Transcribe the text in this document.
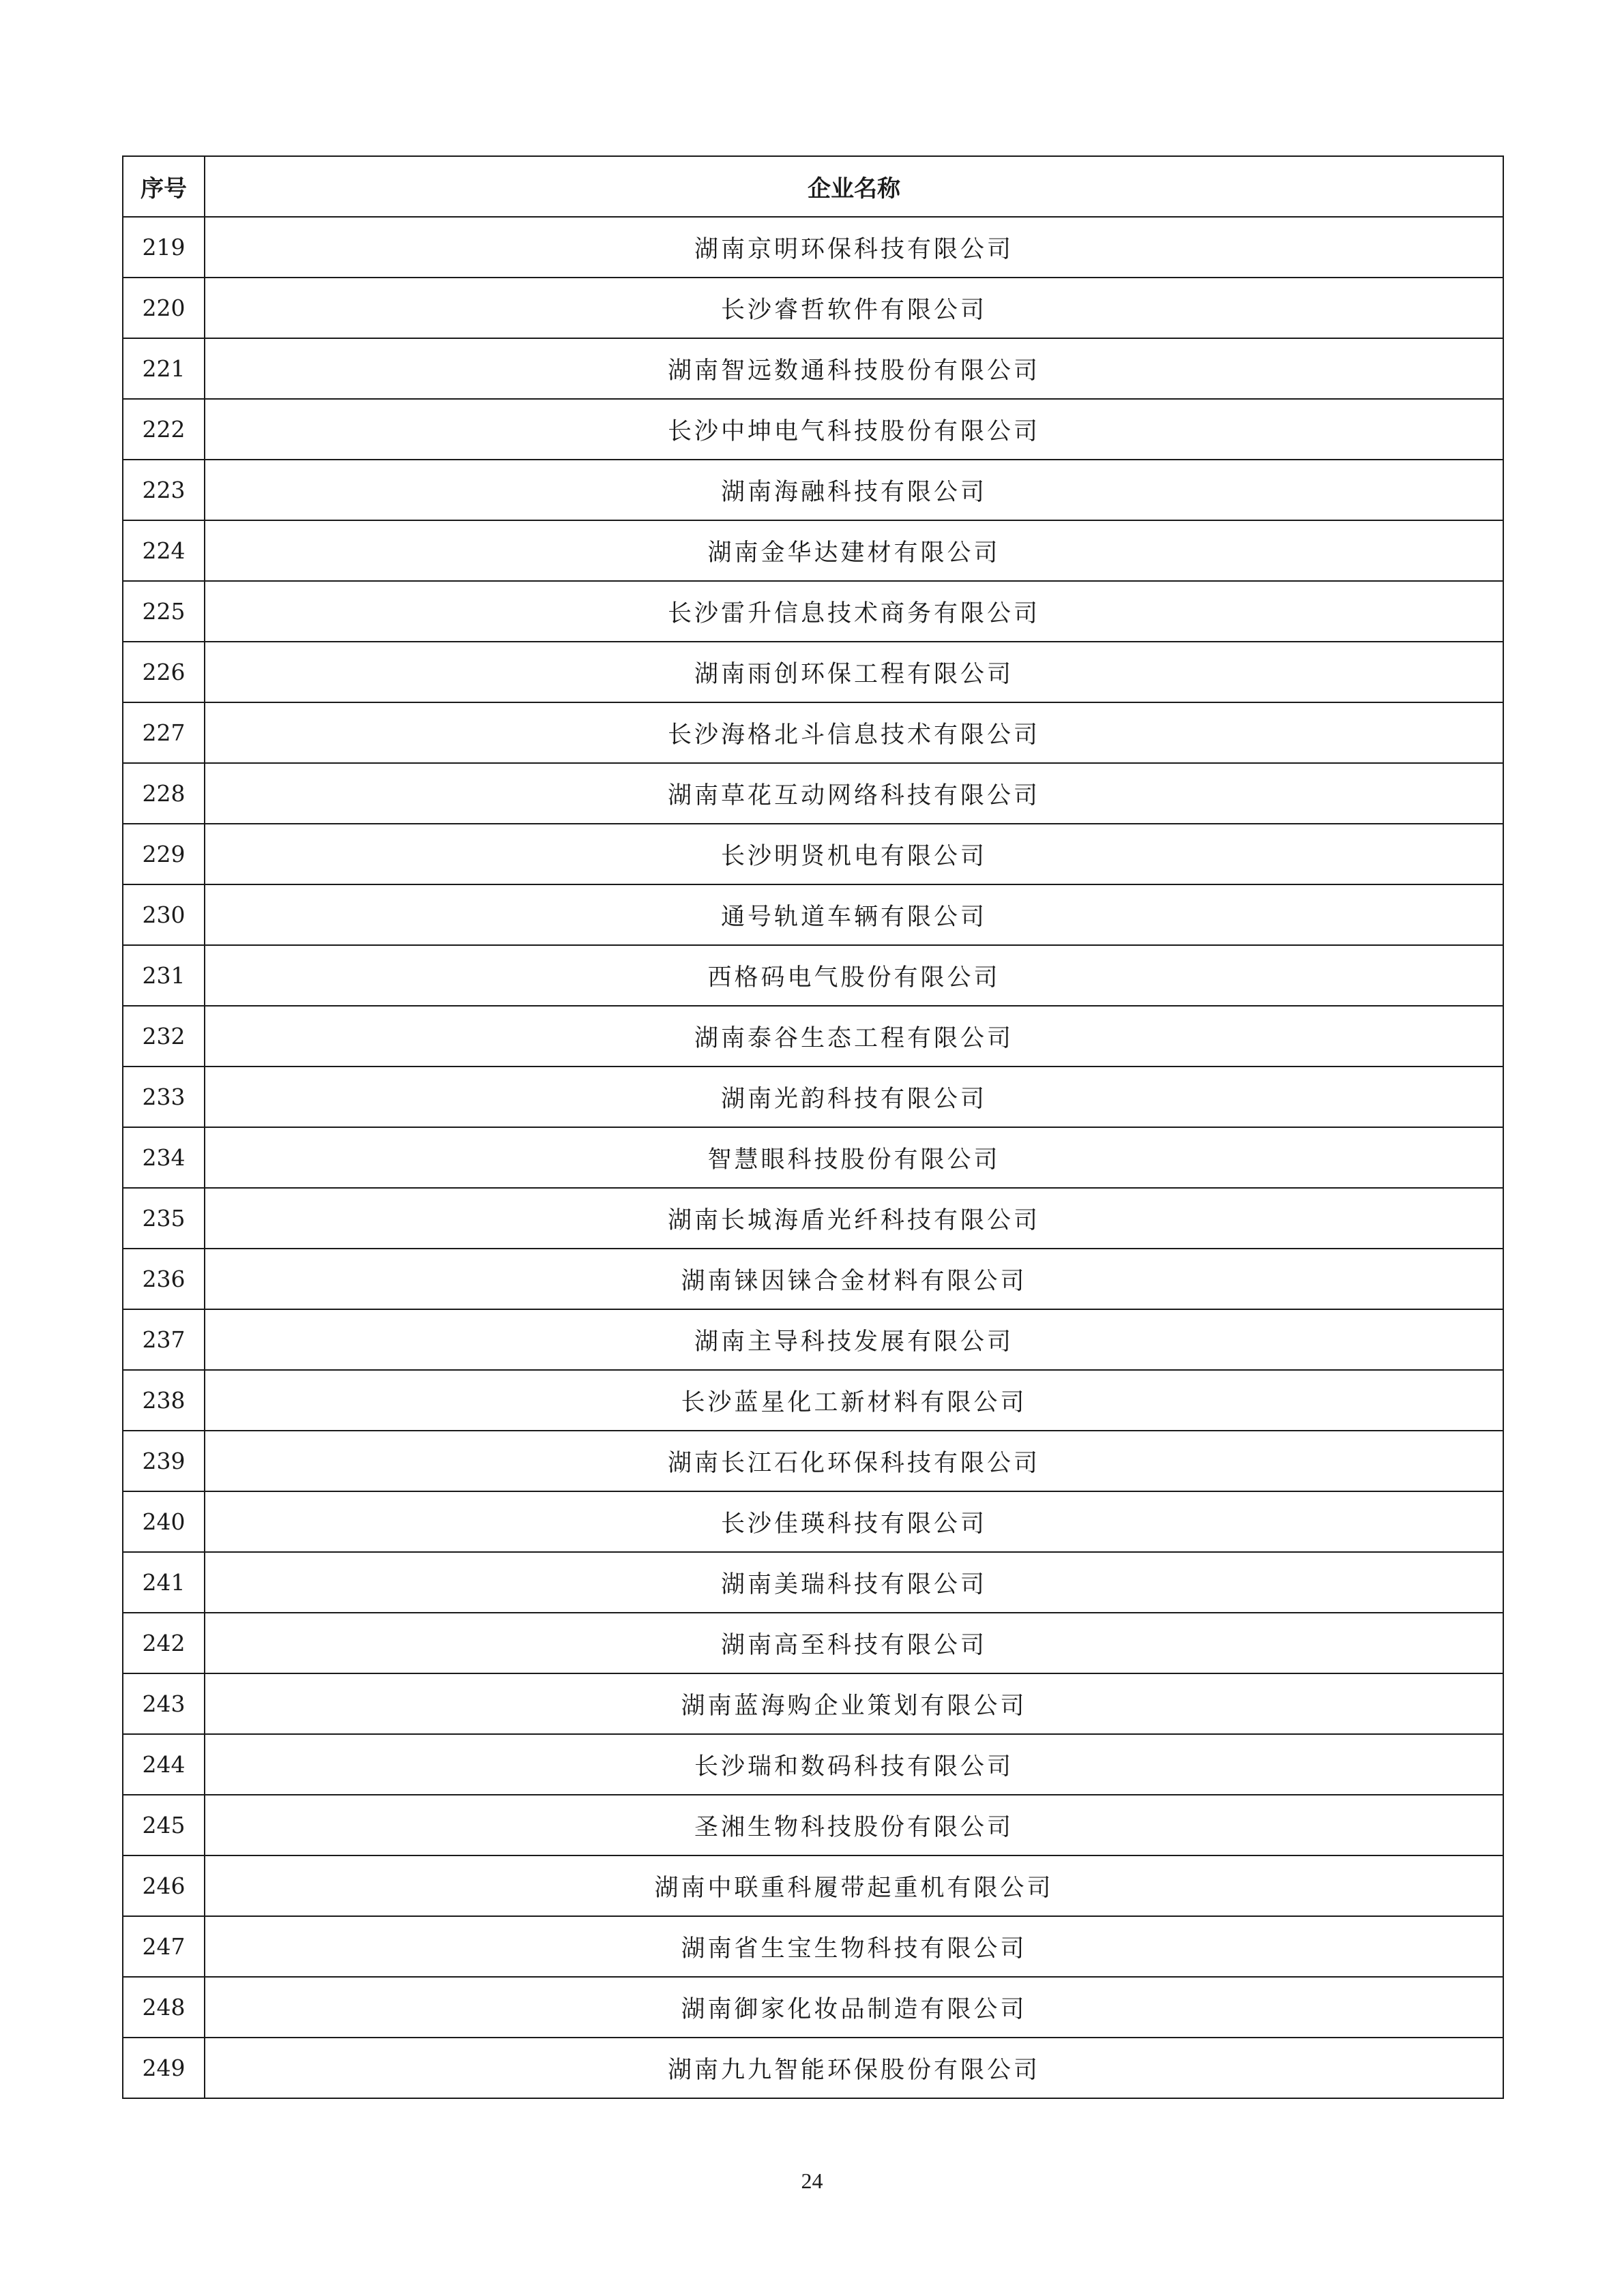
序号	企业名称
219	湖南京明环保科技有限公司
220	长沙睿哲软件有限公司
221	湖南智远数通科技股份有限公司
222	长沙中坤电气科技股份有限公司
223	湖南海融科技有限公司
224	湖南金华达建材有限公司
225	长沙雷升信息技术商务有限公司
226	湖南雨创环保工程有限公司
227	长沙海格北斗信息技术有限公司
228	湖南草花互动网络科技有限公司
229	长沙明贤机电有限公司
230	通号轨道车辆有限公司
231	西格码电气股份有限公司
232	湖南泰谷生态工程有限公司
233	湖南光韵科技有限公司
234	智慧眼科技股份有限公司
235	湖南长城海盾光纤科技有限公司
236	湖南铼因铼合金材料有限公司
237	湖南主导科技发展有限公司
238	长沙蓝星化工新材料有限公司
239	湖南长江石化环保科技有限公司
240	长沙佳瑛科技有限公司
241	湖南美瑞科技有限公司
242	湖南高至科技有限公司
243	湖南蓝海购企业策划有限公司
244	长沙瑞和数码科技有限公司
245	圣湘生物科技股份有限公司
246	湖南中联重科履带起重机有限公司
247	湖南省生宝生物科技有限公司
248	湖南御家化妆品制造有限公司
249	湖南九九智能环保股份有限公司
24
